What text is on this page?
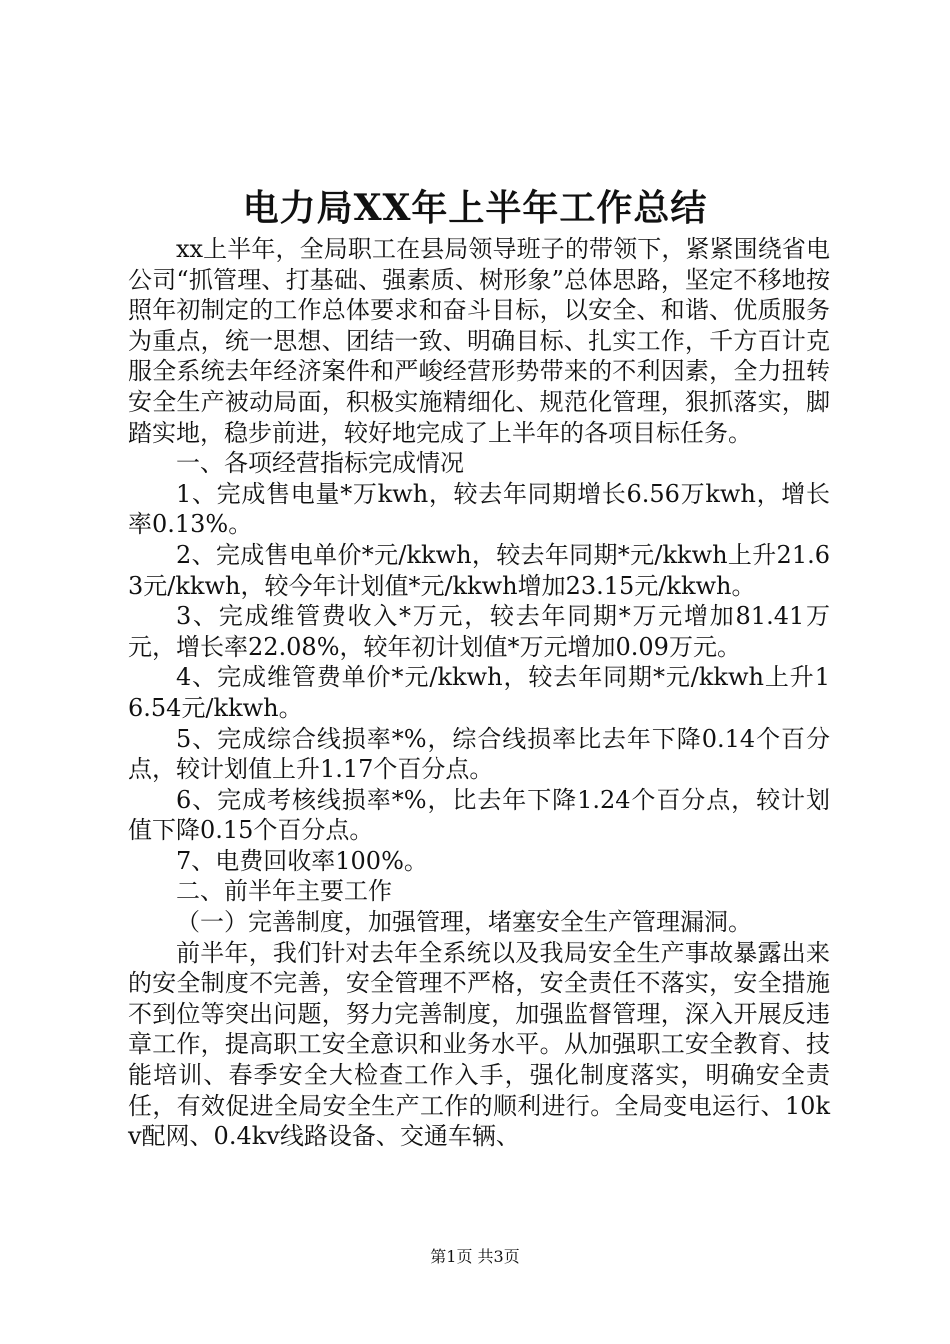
电力局XX年上半年工作总结

xx上半年，全局职工在县局领导班子的带领下，紧紧围绕省电公司“抓管理、打基础、强素质、树形象”总体思路，坚定不移地按照年初制定的工作总体要求和奋斗目标，以安全、和谐、优质服务为重点，统一思想、团结一致、明确目标、扎实工作，千方百计克服全系统去年经济案件和严峻经营形势带来的不利因素，全力扭转安全生产被动局面，积极实施精细化、规范化管理，狠抓落实，脚踏实地，稳步前进，较好地完成了上半年的各项目标任务。

一、各项经营指标完成情况

1、完成售电量*万kwh，较去年同期增长6.56万kwh，增长率0.13%。

2、完成售电单价*元/kkwh，较去年同期*元/kkwh上升21.63元/kkwh，较今年计划值*元/kkwh增加23.15元/kkwh。

3、完成维管费收入*万元，较去年同期*万元增加81.41万元，增长率22.08%，较年初计划值*万元增加0.09万元。

4、完成维管费单价*元/kkwh，较去年同期*元/kkwh上升16.54元/kkwh。

5、完成综合线损率*%，综合线损率比去年下降0.14个百分点，较计划值上升1.17个百分点。

6、完成考核线损率*%，比去年下降1.24个百分点，较计划值下降0.15个百分点。

7、电费回收率100%。

二、前半年主要工作

（一）完善制度，加强管理，堵塞安全生产管理漏洞。

前半年，我们针对去年全系统以及我局安全生产事故暴露出来的安全制度不完善，安全管理不严格，安全责任不落实，安全措施不到位等突出问题，努力完善制度，加强监督管理，深入开展反违章工作，提高职工安全意识和业务水平。从加强职工安全教育、技能培训、春季安全大检查工作入手，强化制度落实，明确安全责任，有效促进全局安全生产工作的顺利进行。全局变电运行、10kv配网、0.4kv线路设备、交通车辆、

第1页 共3页
